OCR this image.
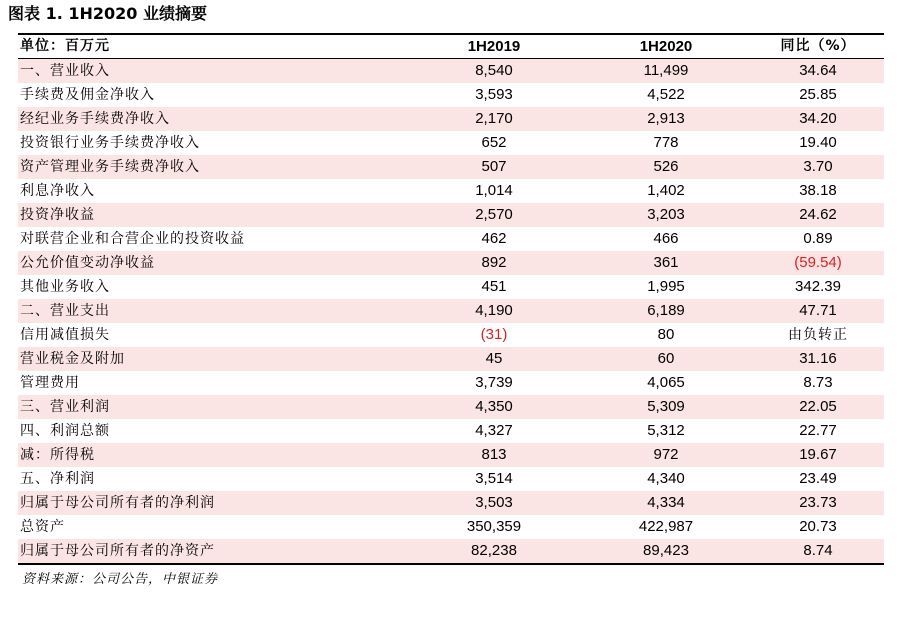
图表 1. 1H2020 业绩摘要
单位：百万元	1H2019	1H2020	同比（%）
一、营业收入	8,540	11,499	34.64
手续费及佣金净收入	3,593	4,522	25.85
经纪业务手续费净收入	2,170	2,913	34.20
投资银行业务手续费净收入	652	778	19.40
资产管理业务手续费净收入	507	526	3.70
利息净收入	1,014	1,402	38.18
投资净收益	2,570	3,203	24.62
对联营企业和合营企业的投资收益	462	466	0.89
公允价值变动净收益	892	361	(59.54)
其他业务收入	451	1,995	342.39
二、营业支出	4,190	6,189	47.71
信用减值损失	(31)	80	由负转正
营业税金及附加	45	60	31.16
管理费用	3,739	4,065	8.73
三、营业利润	4,350	5,309	22.05
四、利润总额	4,327	5,312	22.77
减：所得税	813	972	19.67
五、净利润	3,514	4,340	23.49
归属于母公司所有者的净利润	3,503	4,334	23.73
总资产	350,359	422,987	20.73
归属于母公司所有者的净资产	82,238	89,423	8.74
资料来源：公司公告，中银证券
